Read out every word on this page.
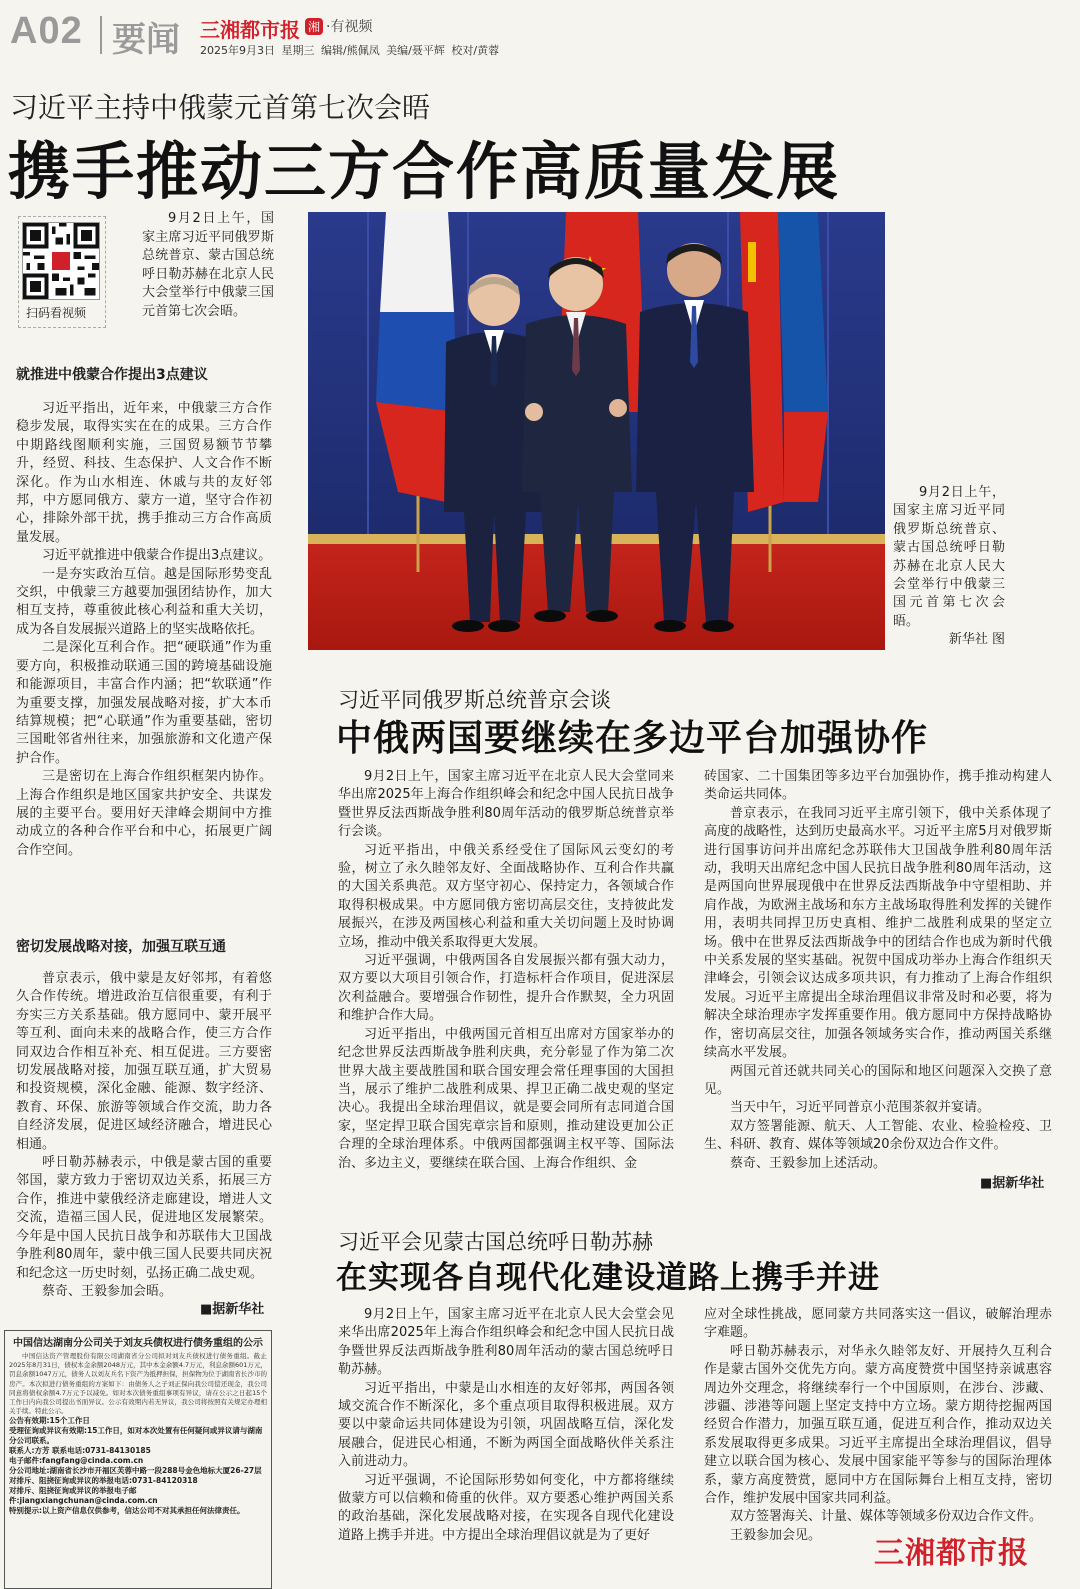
A02 要闻 三湘都市报 湘 ·有视频
2025年9月3日 星期三 编辑/熊佩凤 美编/聂平辉 校对/黄蓉
习近平主持中俄蒙元首第七次会晤
携手推动三方合作高质量发展
扫码看视频

9月2日上午，国家主席习近平同俄罗斯总统普京、蒙古国总统呼日勒苏赫在北京人民大会堂举行中俄蒙三国元首第七次会晤。

就推进中俄蒙合作提出3点建议

习近平指出，近年来，中俄蒙三方合作稳步发展，取得实实在在的成果。三方合作中期路线图顺利实施，三国贸易额节节攀升，经贸、科技、生态保护、人文合作不断深化。作为山水相连、休戚与共的友好邻邦，中方愿同俄方、蒙方一道，坚守合作初心，排除外部干扰，携手推动三方合作高质量发展。

习近平就推进中俄蒙合作提出3点建议。

一是夯实政治互信。越是国际形势变乱交织，中俄蒙三方越要加强团结协作，加大相互支持，尊重彼此核心利益和重大关切，成为各自发展振兴道路上的坚实战略依托。

二是深化互利合作。把“硬联通”作为重要方向，积极推动联通三国的跨境基础设施和能源项目，丰富合作内涵；把“软联通”作为重要支撑，加强发展战略对接，扩大本币结算规模；把“心联通”作为重要基础，密切三国毗邻省州往来，加强旅游和文化遗产保护合作。

三是密切在上海合作组织框架内协作。上海合作组织是地区国家共护安全、共谋发展的主要平台。要用好天津峰会期间中方推动成立的各种合作平台和中心，拓展更广阔合作空间。

密切发展战略对接，加强互联互通

普京表示，俄中蒙是友好邻邦，有着悠久合作传统。增进政治互信很重要，有利于夯实三方关系基础。俄方愿同中、蒙开展平等互利、面向未来的战略合作，使三方合作同双边合作相互补充、相互促进。三方要密切发展战略对接，加强互联互通，扩大贸易和投资规模，深化金融、能源、数字经济、教育、环保、旅游等领域合作交流，助力各自经济发展，促进区域经济融合，增进民心相通。

呼日勒苏赫表示，中俄是蒙古国的重要邻国，蒙方致力于密切双边关系，拓展三方合作，推进中蒙俄经济走廊建设，增进人文交流，造福三国人民，促进地区发展繁荣。今年是中国人民抗日战争和苏联伟大卫国战争胜利80周年，蒙中俄三国人民要共同庆祝和纪念这一历史时刻，弘扬正确二战史观。

蔡奇、王毅参加会晤。

■据新华社

9月2日上午，国家主席习近平同俄罗斯总统普京、蒙古国总统呼日勒苏赫在北京人民大会堂举行中俄蒙三国元首第七次会晤。

新华社 图

习近平同俄罗斯总统普京会谈
中俄两国要继续在多边平台加强协作

9月2日上午，国家主席习近平在北京人民大会堂同来华出席2025年上海合作组织峰会和纪念中国人民抗日战争暨世界反法西斯战争胜利80周年活动的俄罗斯总统普京举行会谈。

习近平指出，中俄关系经受住了国际风云变幻的考验，树立了永久睦邻友好、全面战略协作、互利合作共赢的大国关系典范。双方坚守初心、保持定力，各领域合作取得积极成果。中方愿同俄方密切高层交往，支持彼此发展振兴，在涉及两国核心利益和重大关切问题上及时协调立场，推动中俄关系取得更大发展。

习近平强调，中俄两国各自发展振兴都有强大动力，双方要以大项目引领合作，打造标杆合作项目，促进深层次利益融合。要增强合作韧性，提升合作默契，全力巩固和维护合作大局。

习近平指出，中俄两国元首相互出席对方国家举办的纪念世界反法西斯战争胜利庆典，充分彰显了作为第二次世界大战主要战胜国和联合国安理会常任理事国的大国担当，展示了维护二战胜利成果、捍卫正确二战史观的坚定决心。我提出全球治理倡议，就是要会同所有志同道合国家，坚定捍卫联合国宪章宗旨和原则，推动建设更加公正合理的全球治理体系。中俄两国都强调主权平等、国际法治、多边主义，要继续在联合国、上海合作组织、金

砖国家、二十国集团等多边平台加强协作，携手推动构建人类命运共同体。

普京表示，在我同习近平主席引领下，俄中关系体现了高度的战略性，达到历史最高水平。习近平主席5月对俄罗斯进行国事访问并出席纪念苏联伟大卫国战争胜利80周年活动，我明天出席纪念中国人民抗日战争胜利80周年活动，这是两国向世界展现俄中在世界反法西斯战争中守望相助、并肩作战，为欧洲主战场和东方主战场取得胜利发挥的关键作用，表明共同捍卫历史真相、维护二战胜利成果的坚定立场。俄中在世界反法西斯战争中的团结合作也成为新时代俄中关系发展的坚实基础。祝贺中国成功举办上海合作组织天津峰会，引领会议达成多项共识，有力推动了上海合作组织发展。习近平主席提出全球治理倡议非常及时和必要，将为解决全球治理赤字发挥重要作用。俄方愿同中方保持战略协作，密切高层交往，加强各领域务实合作，推动两国关系继续高水平发展。

两国元首还就共同关心的国际和地区问题深入交换了意见。

当天中午，习近平同普京小范围茶叙并宴请。

双方签署能源、航天、人工智能、农业、检验检疫、卫生、科研、教育、媒体等领域20余份双边合作文件。

蔡奇、王毅参加上述活动。

■据新华社
习近平会见蒙古国总统呼日勒苏赫
在实现各自现代化建设道路上携手并进

9月2日上午，国家主席习近平在北京人民大会堂会见来华出席2025年上海合作组织峰会和纪念中国人民抗日战争暨世界反法西斯战争胜利80周年活动的蒙古国总统呼日勒苏赫。

习近平指出，中蒙是山水相连的友好邻邦，两国各领域交流合作不断深化，多个重点项目取得积极进展。双方要以中蒙命运共同体建设为引领，巩固战略互信，深化发展融合，促进民心相通，不断为两国全面战略伙伴关系注入前进动力。

习近平强调，不论国际形势如何变化，中方都将继续做蒙方可以信赖和倚重的伙伴。双方要悉心维护两国关系的政治基础，深化发展战略对接，在实现各自现代化建设道路上携手并进。中方提出全球治理倡议就是为了更好

应对全球性挑战，愿同蒙方共同落实这一倡议，破解治理赤字难题。

呼日勒苏赫表示，对华永久睦邻友好、开展持久互利合作是蒙古国外交优先方向。蒙方高度赞赏中国坚持亲诚惠容周边外交理念，将继续奉行一个中国原则，在涉台、涉藏、涉疆、涉港等问题上坚定支持中方立场。蒙方期待挖掘两国经贸合作潜力，加强互联互通，促进互利合作，推动双边关系发展取得更多成果。习近平主席提出全球治理倡议，倡导建立以联合国为核心、发展中国家能平等参与的国际治理体系，蒙方高度赞赏，愿同中方在国际舞台上相互支持，密切合作，维护发展中国家共同利益。

双方签署海关、计量、媒体等领域多份双边合作文件。

王毅参加会见。

中国信达湖南分公司关于刘友兵债权进行债务重组的公示
中国信达资产管理股份有限公司湖南省分公司拟对刘友兵债权进行债务重组。截止2025年8月31日，债权本金余额2048万元，其中本金余额4.7万元，利息余额601万元，罚息余额1047万元，债务人以刘友兵名下资产为抵押担保，担保物为位于湖南省长沙市的房产。本次拟进行债务重组的方案如下：由债务人之子刘正保向我公司偿还现金，我公司同意将债权余额4.7万元予以减免。如对本次债务重组事项有异议，请在公示之日起15个工作日内向我公司提出书面异议。公示有效期内若无异议，我公司将按照有关规定办理相关手续。特此公示。
公告有效期:15个工作日
受理征询或异议有效期:15工作日，如对本次处置有任何疑问或异议请与湖南分公司联系。
联系人:方芳 联系电话:0731-84130185
电子邮件:fangfang@cinda.com.cn
分公司地址:湖南省长沙市开福区芙蓉中路一段288号金色地标大厦26-27层
对排斥、阻挠征询或异议的举报电话:0731-84120318
对排斥、阻挠征询或异议的举报电子邮件:jiangxiangchunan@cinda.com.cn
特别提示:以上资产信息仅供参考，信达公司不对其承担任何法律责任。
三湘都市报
